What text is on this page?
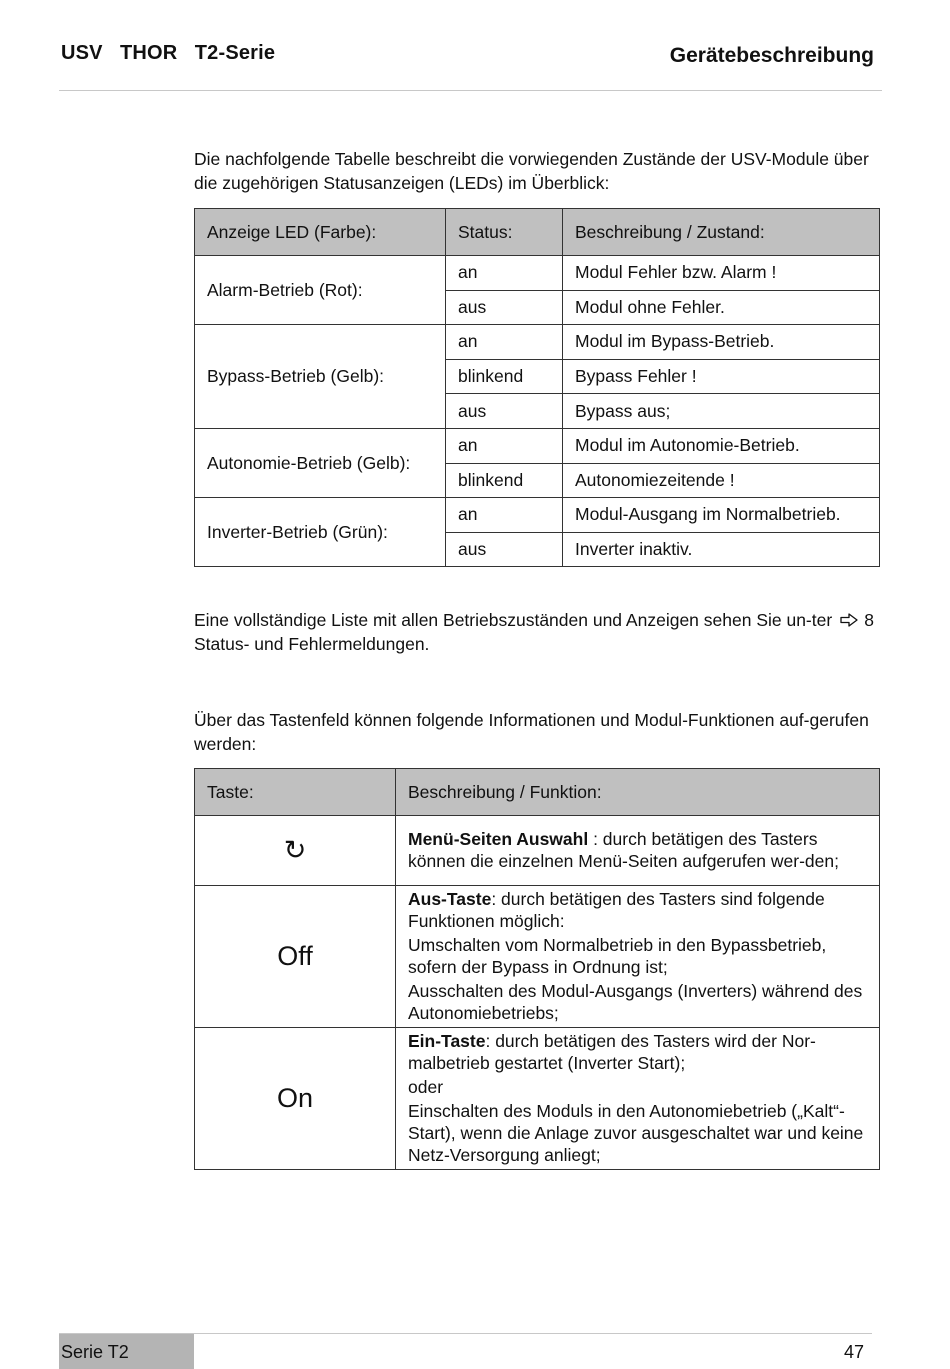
USV   THOR   T2-Serie	Gerätebeschreibung
Die nachfolgende Tabelle beschreibt die vorwiegenden Zustände der USV-Module über die zugehörigen Statusanzeigen (LEDs) im Überblick:
Anzeige LED (Farbe):	Status:	Beschreibung / Zustand:
Alarm-Betrieb (Rot):	an	Modul Fehler bzw. Alarm !
	aus	Modul ohne Fehler.
Bypass-Betrieb (Gelb):	an	Modul im Bypass-Betrieb.
	blinkend	Bypass Fehler !
	aus	Bypass aus;
Autonomie-Betrieb (Gelb):	an	Modul im Autonomie-Betrieb.
	blinkend	Autonomiezeitende !
Inverter-Betrieb (Grün):	an	Modul-Ausgang im Normalbetrieb.
	aus	Inverter inaktiv.
Eine vollständige Liste mit allen Betriebszuständen und Anzeigen sehen Sie un-ter 8 Status- und Fehlermeldungen.
Über das Tastenfeld können folgende Informationen und Modul-Funktionen auf-gerufen werden:
Taste:	Beschreibung / Funktion:
↻	Menü-Seiten Auswahl : durch betätigen des Tasters können die einzelnen Menü-Seiten aufgerufen wer-den;

Off	Aus-Taste: durch betätigen des Tasters sind folgende Funktionen möglich:

Umschalten vom Normalbetrieb in den Bypassbetrieb, sofern der Bypass in Ordnung ist;

Ausschalten des Modul-Ausgangs (Inverters) während des Autonomiebetriebs;

On	Ein-Taste: durch betätigen des Tasters wird der Nor-malbetrieb gestartet (Inverter Start);

oder

Einschalten des Moduls in den Autonomiebetrieb („Kalt“-Start), wenn die Anlage zuvor ausgeschaltet war und keine Netz-Versorgung anliegt;

Serie T2	47
